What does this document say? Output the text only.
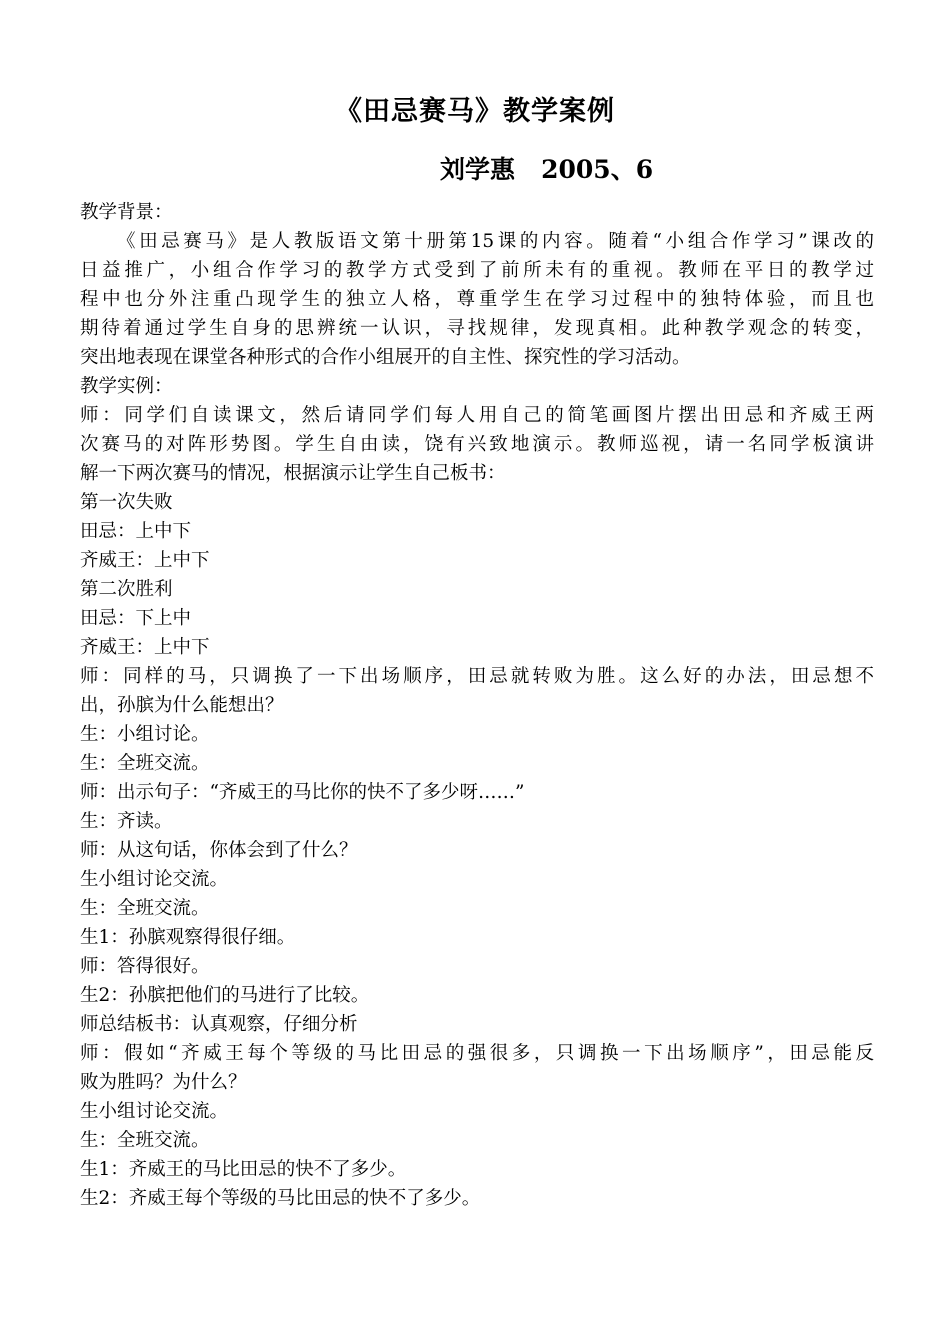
《田忌赛马》教学案例
刘学惠   2005、6
教学背景：
《田忌赛马》是人教版语文第十册第15课的内容。随着“小组合作学习”课改的
日益推广，小组合作学习的教学方式受到了前所未有的重视。教师在平日的教学过
程中也分外注重凸现学生的独立人格，尊重学生在学习过程中的独特体验，而且也
期待着通过学生自身的思辨统一认识，寻找规律，发现真相。此种教学观念的转变，
突出地表现在课堂各种形式的合作小组展开的自主性、探究性的学习活动。
教学实例：
师：同学们自读课文，然后请同学们每人用自己的简笔画图片摆出田忌和齐威王两
次赛马的对阵形势图。学生自由读，饶有兴致地演示。教师巡视，请一名同学板演讲
解一下两次赛马的情况，根据演示让学生自己板书：
第一次失败
田忌：上中下
齐威王：上中下
第二次胜利
田忌：下上中
齐威王：上中下
师：同样的马，只调换了一下出场顺序，田忌就转败为胜。这么好的办法，田忌想不
出，孙膑为什么能想出？
生：小组讨论。
生：全班交流。
师：出示句子：“齐威王的马比你的快不了多少呀……”
生：齐读。
师：从这句话，你体会到了什么？
生小组讨论交流。
生：全班交流。
生1：孙膑观察得很仔细。
师：答得很好。
生2：孙膑把他们的马进行了比较。
师总结板书：认真观察，仔细分析
师：假如“齐威王每个等级的马比田忌的强很多，只调换一下出场顺序”，田忌能反
败为胜吗？为什么？
生小组讨论交流。
生：全班交流。
生1：齐威王的马比田忌的快不了多少。
生2：齐威王每个等级的马比田忌的快不了多少。
